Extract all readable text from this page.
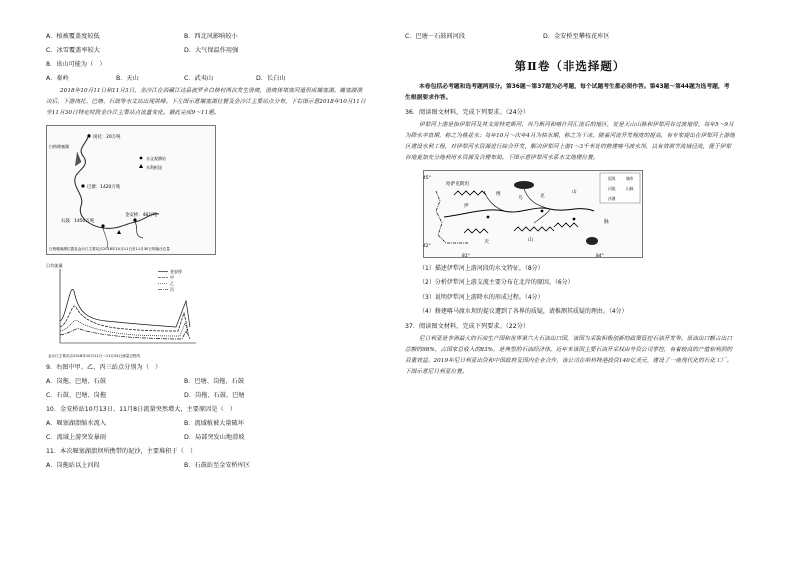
A．植被覆盖度较低	B．西北风影响较小
C．冰雪覆盖率较大	D．大气保温作用强
8．该山可能为（　）
A．秦岭	B．天山	C．武夷山	D．长白山

2018年10月11日和11月3日，金沙江在西藏江达县波罗乡白格村两次发生滑坡，滑坡体堵塞河道形成堰塞湖。堰塞湖溃决后，下游岗托、巴塘、石鼓等水文站出现洪峰。下左图示意堰塞湖位置及金沙江主要站点分布，下右图示意2018年10月11日至11月30日特定时段金沙江主要站点流量变化。据此完成9～11题。

岗托：20万吨
白格堰塞湖
巴塘：1420万吨
石鼓：1450万吨
金安桥：48万吨
水文观测站
水利枢纽
白格堰塞湖位置及金沙江主要站点2018年10月11日至11月30日的输沙总量
日均流量
金安桥
甲
乙
丙
金沙江主要站点2018年10月11日～11月24日流量过程线
9．右图中甲、乙、丙三站点分别为（　）
A．岗拖、巴塘、石鼓	B．巴塘、岗拖、石鼓
C．石鼓、巴塘、岗拖	D．岗拖、石鼓、巴塘
10．金安桥站10月13日、11月8日流量突然增大，主要原因是（　）
A．堰塞湖溃缩水流入	B．流域植被大量破坏
C．流域上游突发暴雨	D．局部突发山地滑坡
11．本次堰塞湖溃坝所携带的泥沙，主要堆积于（　）
A．岗拖站以上河段	B．石鼓站至金安桥库区
C．巴塘－石鼓间河段	D．金安桥至攀枝花库区
第Ⅱ卷（非选择题）

本卷包括必考题和选考题两部分。第36题～第37题为必考题，每个试题考生都必须作答。第43题～第44题为选考题，考生根据要求作答。

36．阅读图文材料，完成下列要求。（24分）

伊犁河上游是指伊犁河及其支流特克斯河、巩乃斯河和喀什河汇流后的地区，处是天山山脉和伊犁河谷过渡地带，每年5～9月为降水丰富期，称之为桃花水；每年10月～次年4月为枯水期，称之为干冰。随着河流开发程度的提高，有专家提出在伊犁河上游地区建设水利工程，对伊犁河水资源进行综合开发，解决伊犁河上游1～3千米处的修建喀马渡水坝，以有效调节流域径流，便于伊犁谷地更加充分地利用水资源及合理布局。下图示意伊犁河水系水文地理位置。

45°
42°
81°	84°
哈萨克斯坦
伊
博
乌	克
山
天	山
脉
国界	城市
河流	山脉
沙漠
（1）描述伊犁河上游河段的水文特征。（8分）
（2）分析伊犁河上游支流主要分布在北岸的原因。（6分）
（3）说明伊犁河上游降水的形成过程。（4分）
（4）修建喀马渡水坝的提议遭到了各界的质疑，请推测其质疑的理由。（4分）
37．阅读图文材料，完成下列要求。（22分）

尼日利亚是非洲最大的石油生产国和世界第六大石油出口国，该国为采取积极创新的政策管控石油开发等。原油出口额占出口总额的98%，占国家总收入的83%，是典型的石油经济体。近年来该国主要石油开采权由外资公司掌控，有着较高的产值和利润的双重效益。2019年尼日利亚出资和中国政府及国内企业合作，该公司在哈科特港投资140亿美元，建设了一座现代化的石化工厂。下图示意尼日利亚位置。
